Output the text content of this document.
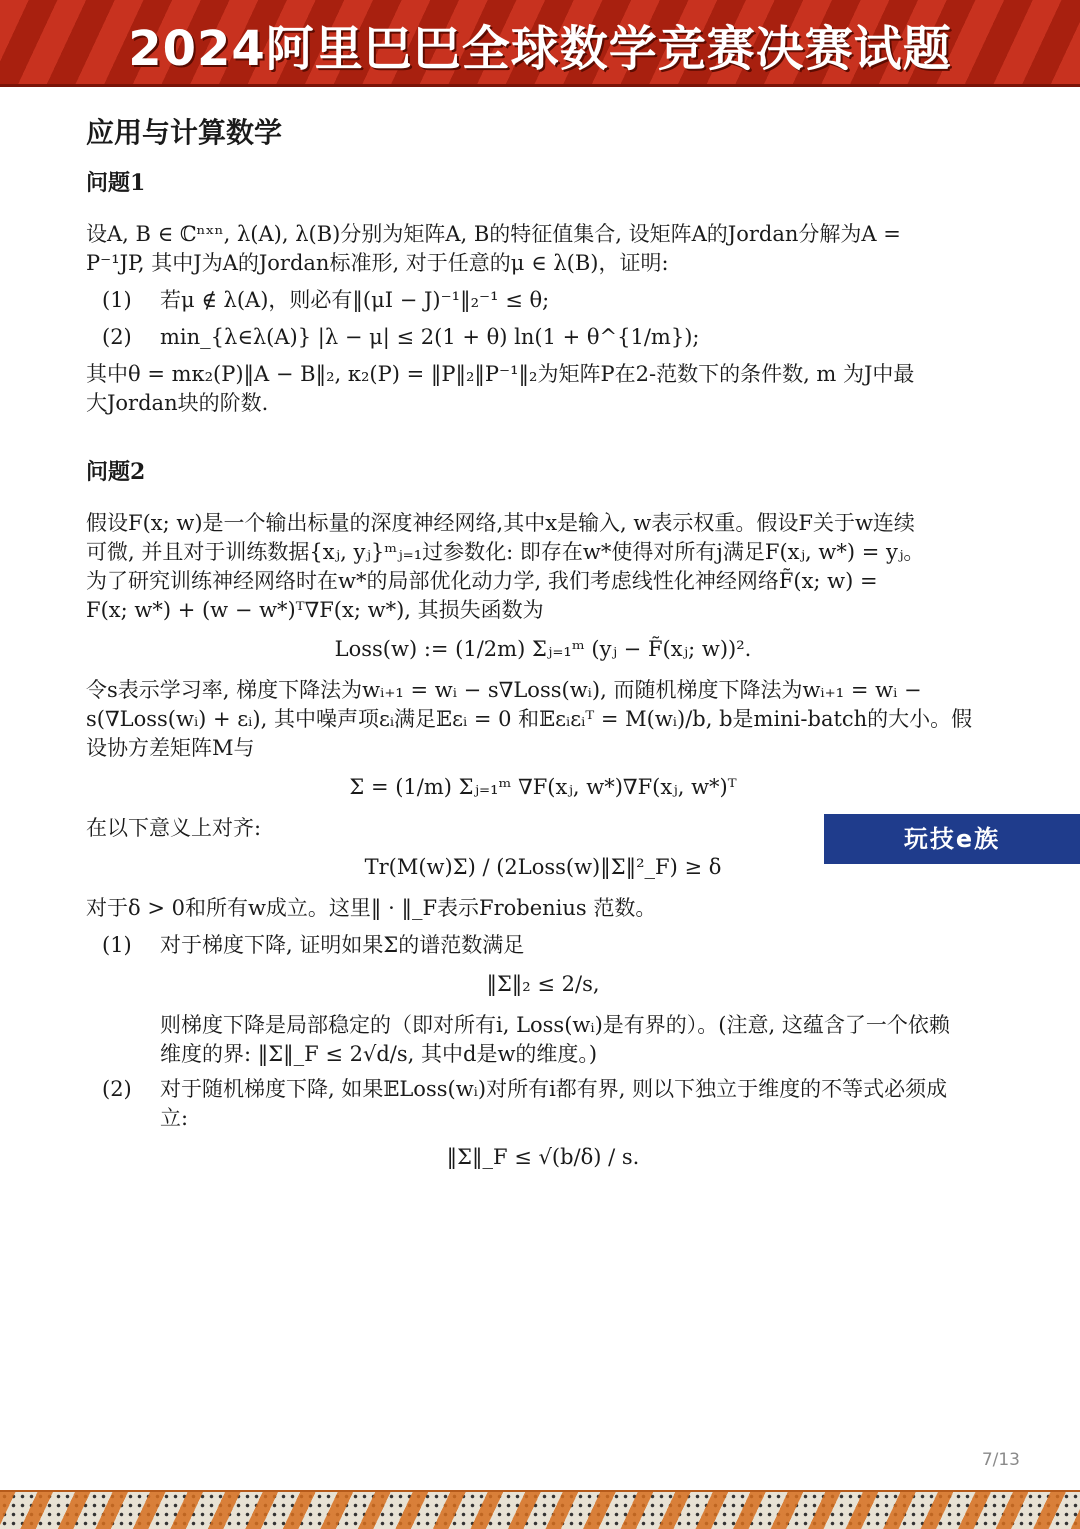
2024阿里巴巴全球数学竞赛决赛试题
应用与计算数学
问题1

设A, B ∈ ℂⁿˣⁿ, λ(A), λ(B)分别为矩阵A, B的特征值集合, 设矩阵A的Jordan分解为A =

P⁻¹JP, 其中J为A的Jordan标准形, 对于任意的μ ∈ λ(B)，证明:

(1) 若μ ∉ λ(A)，则必有‖(μI − J)⁻¹‖₂⁻¹ ≤ θ;
(2) min_{λ∈λ(A)} |λ − μ| ≤ 2(1 + θ) ln(1 + θ^{1/m});

其中θ = mκ₂(P)‖A − B‖₂, κ₂(P) = ‖P‖₂‖P⁻¹‖₂为矩阵P在2-范数下的条件数, m 为J中最

大Jordan块的阶数.

问题2

假设F(x; w)是一个输出标量的深度神经网络,其中x是输入, w表示权重。假设F关于w连续

可微, 并且对于训练数据{xⱼ, yⱼ}ᵐⱼ₌₁过参数化: 即存在w*使得对所有j满足F(xⱼ, w*) = yⱼ。

为了研究训练神经网络时在w*的局部优化动力学, 我们考虑线性化神经网络F̃(x; w) =

F(x; w*) + (w − w*)ᵀ∇F(x; w*), 其损失函数为

Loss(w) := (1/2m) Σⱼ₌₁ᵐ (yⱼ − F̃(xⱼ; w))².

令s表示学习率, 梯度下降法为wᵢ₊₁ = wᵢ − s∇Loss(wᵢ), 而随机梯度下降法为wᵢ₊₁ = wᵢ −

s(∇Loss(wᵢ) + εᵢ), 其中噪声项εᵢ满足𝔼εᵢ = 0 和𝔼εᵢεᵢᵀ = M(wᵢ)/b, b是mini-batch的大小。假

设协方差矩阵M与

Σ = (1/m) Σⱼ₌₁ᵐ ∇F(xⱼ, w*)∇F(xⱼ, w*)ᵀ

在以下意义上对齐:

Tr(M(w)Σ) / (2Loss(w)‖Σ‖²_F) ≥ δ

对于δ > 0和所有w成立。这里‖ · ‖_F表示Frobenius 范数。

(1) 对于梯度下降, 证明如果Σ的谱范数满足
‖Σ‖₂ ≤ 2/s,

则梯度下降是局部稳定的（即对所有i, Loss(wᵢ)是有界的）。(注意, 这蕴含了一个依赖

维度的界: ‖Σ‖_F ≤ 2√d/s, 其中d是w的维度。)

(2) 对于随机梯度下降, 如果𝔼Loss(wᵢ)对所有i都有界, 则以下独立于维度的不等式必须成
立:
‖Σ‖_F ≤ √(b/δ) / s.
玩技e族
7/13
